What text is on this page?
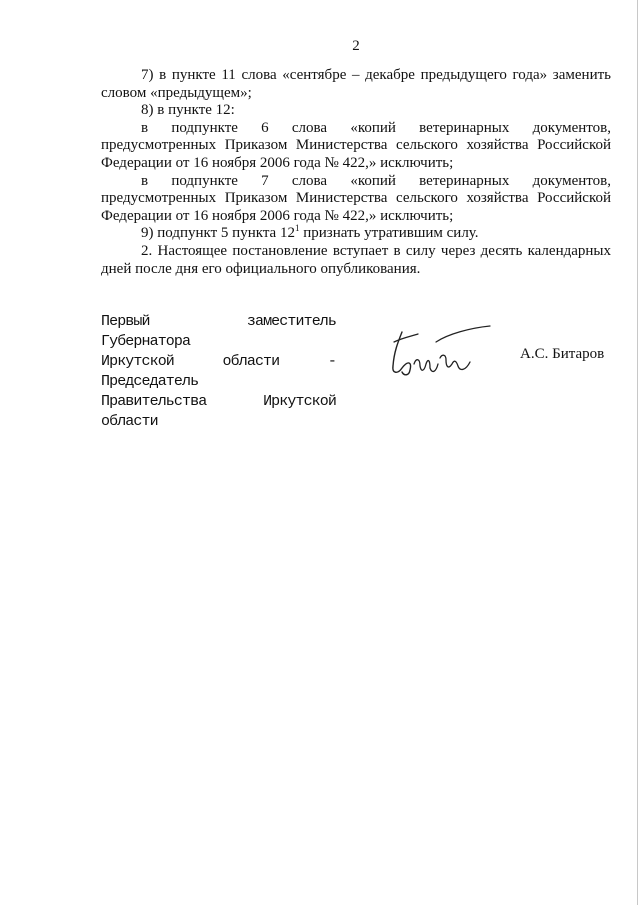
2

7) в пункте 11 слова «сентябре – декабре предыдущего года» заменить словом «предыдущем»;

8) в пункте 12:

в подпункте 6 слова «копий ветеринарных документов, предусмотренных Приказом Министерства сельского хозяйства Российской Федерации от 16 ноября 2006 года № 422,» исключить;

в подпункте 7 слова «копий ветеринарных документов, предусмотренных Приказом Министерства сельского хозяйства Российской Федерации от 16 ноября 2006 года № 422,» исключить;

9) подпункт 5 пункта $12^1$ признать утратившим силу.

2. Настоящее постановление вступает в силу через десять календарных дней после дня его официального опубликования.

Первый заместитель Губернатора
Иркутской области - Председатель
Правительства Иркутской области
А.С. Битаров
